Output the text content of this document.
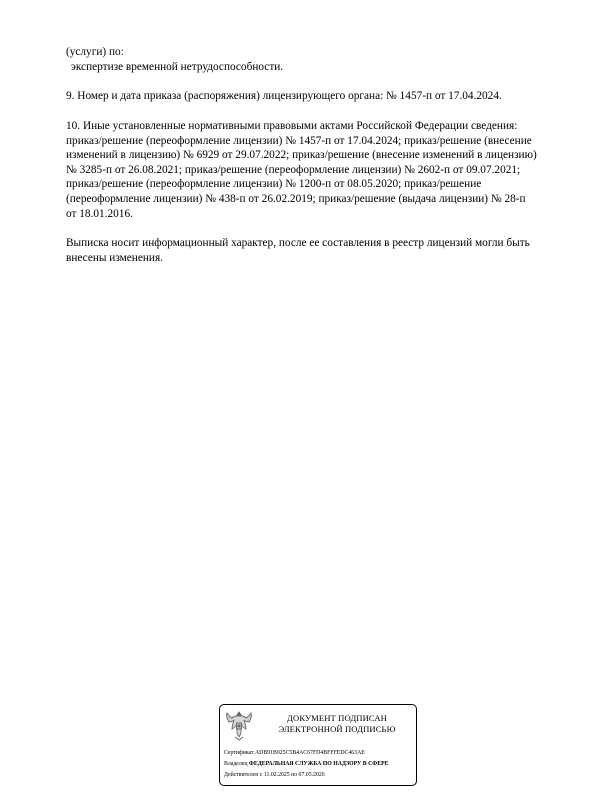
(услуги) по:
экспертизе временной нетрудоспособности.
9. Номер и дата приказа (распоряжения) лицензирующего органа: № 1457-п от 17.04.2024.
10. Иные установленные нормативными правовыми актами Российской Федерации сведения:
приказ/решение (переоформление лицензии) № 1457-п от 17.04.2024; приказ/решение (внесение
изменений в лицензию) № 6929 от 29.07.2022; приказ/решение (внесение изменений в лицензию)
№ 3285-п от 26.08.2021; приказ/решение (переоформление лицензии) № 2602-п от 09.07.2021;
приказ/решение (переоформление лицензии) № 1200-п от 08.05.2020; приказ/решение
(переоформление лицензии) № 438-п от 26.02.2019; приказ/решение (выдача лицензии) № 28-п
от 18.01.2016.
Выписка носит информационный характер, после ее составления в реестр лицензий могли быть
внесены изменения.
ДОКУМЕНТ ПОДПИСАН
ЭЛЕКТРОННОЙ ПОДПИСЬЮ
Сертификат ADB91B925C5B4AC67FD4BFFFEDC463AE
Владелец ФЕДЕРАЛЬНАЯ СЛУЖБА ПО НАДЗОРУ В СФЕРЕ
Действителен с 11.02.2025 по 07.05.2026
